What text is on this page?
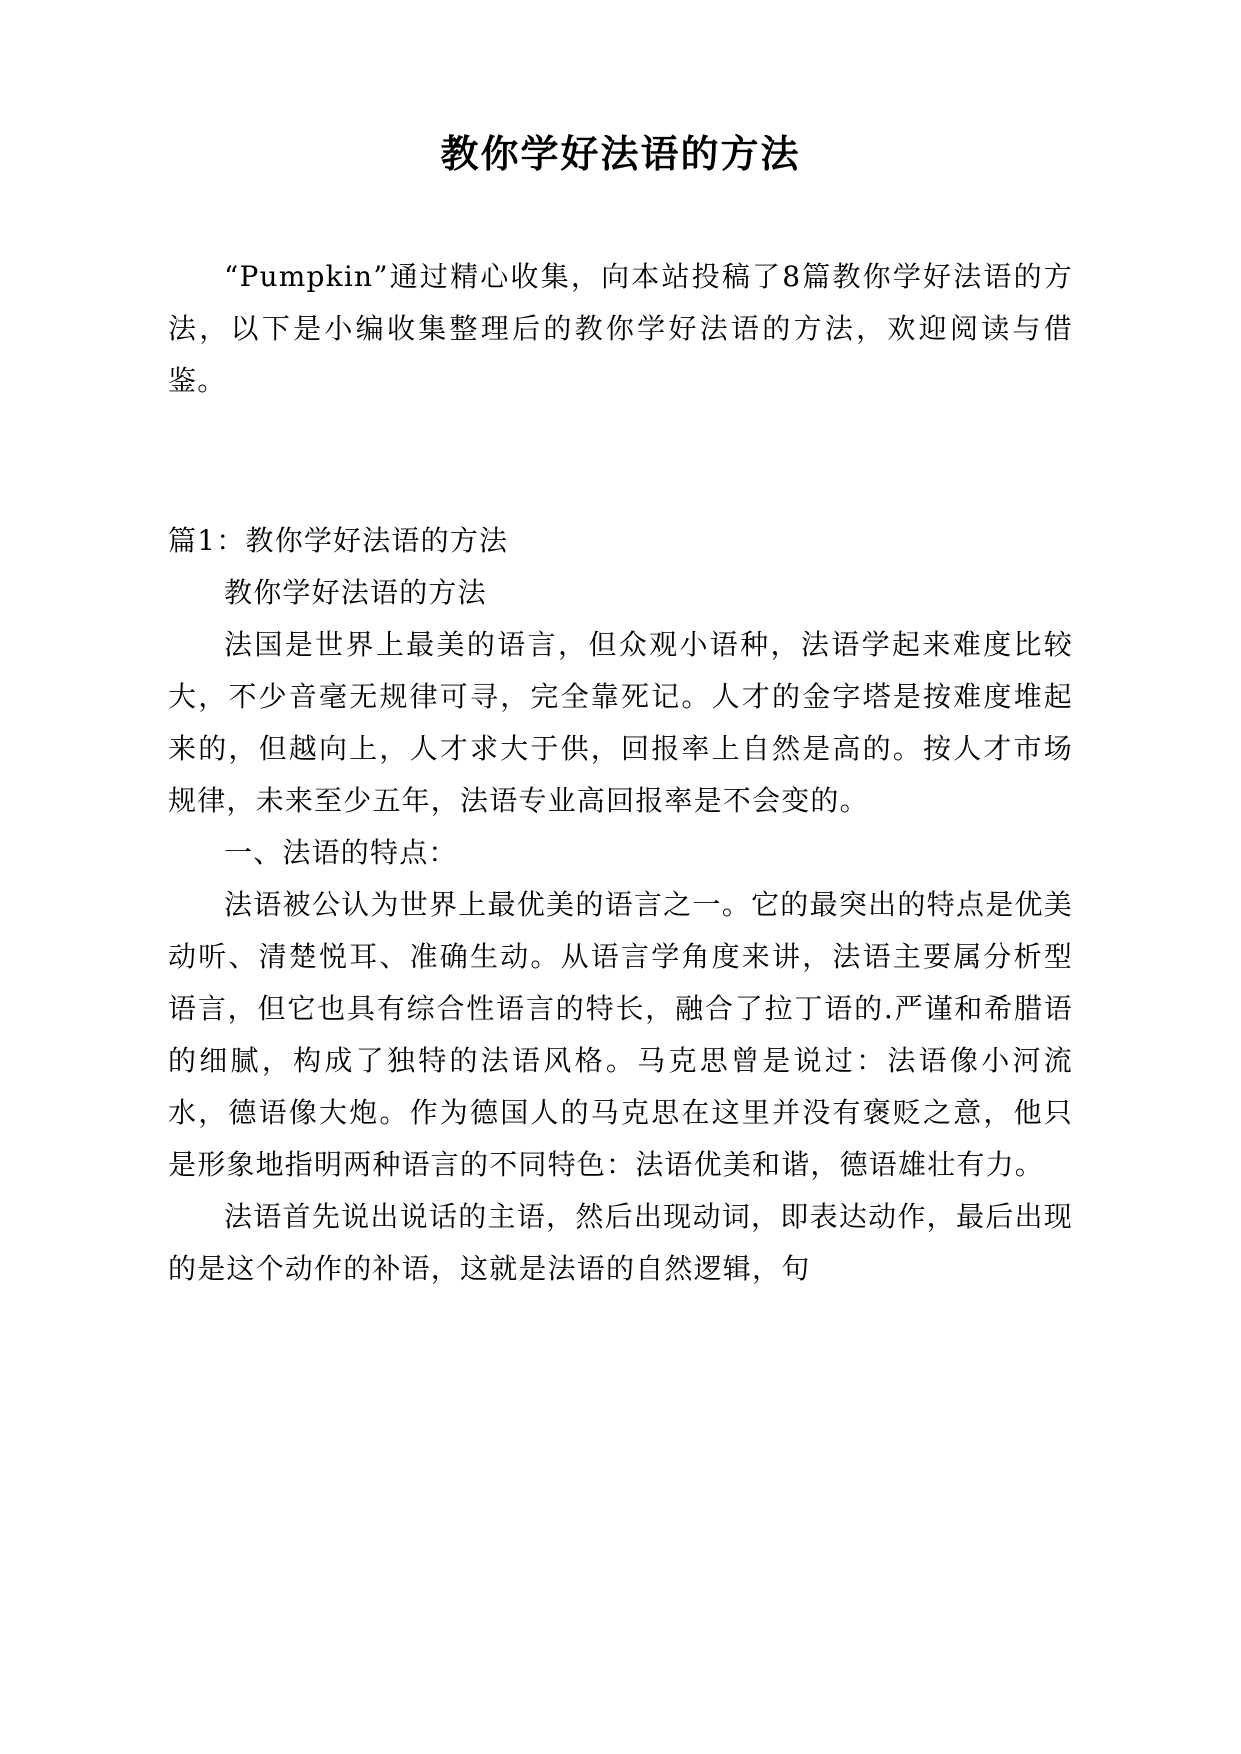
教你学好法语的方法

“Pumpkin”通过精心收集，向本站投稿了8篇教你学好法语的方法，以下是小编收集整理后的教你学好法语的方法，欢迎阅读与借鉴。

篇1：教你学好法语的方法

教你学好法语的方法

法国是世界上最美的语言，但众观小语种，法语学起来难度比较大，不少音毫无规律可寻，完全靠死记。人才的金字塔是按难度堆起来的，但越向上，人才求大于供，回报率上自然是高的。按人才市场规律，未来至少五年，法语专业高回报率是不会变的。

一、法语的特点：

法语被公认为世界上最优美的语言之一。它的最突出的特点是优美动听、清楚悦耳、准确生动。从语言学角度来讲，法语主要属分析型语言，但它也具有综合性语言的特长，融合了拉丁语的.严谨和希腊语的细腻，构成了独特的法语风格。马克思曾是说过：法语像小河流水，德语像大炮。作为德国人的马克思在这里并没有褒贬之意，他只是形象地指明两种语言的不同特色：法语优美和谐，德语雄壮有力。

法语首先说出说话的主语，然后出现动词，即表达动作，最后出现的是这个动作的补语，这就是法语的自然逻辑，句
